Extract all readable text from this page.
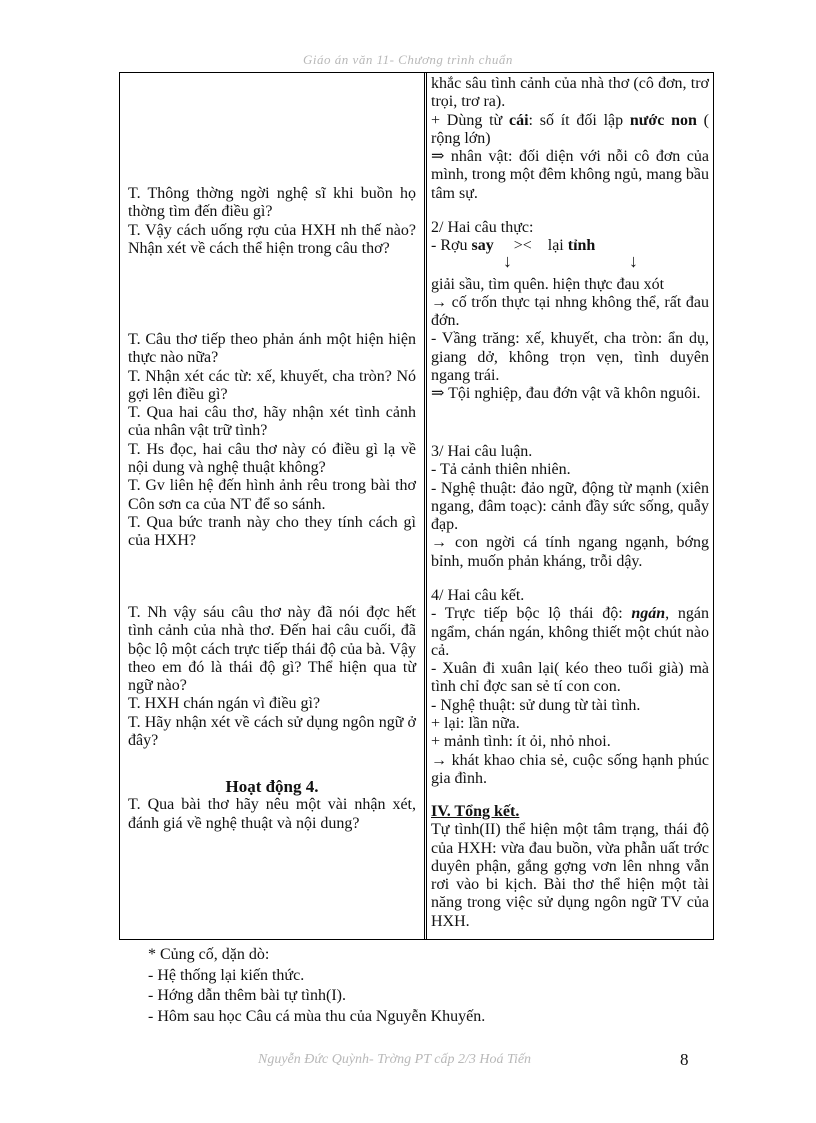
Giáo án văn 11- Chương trình chuẩn

T. Thông thờng ngời nghệ sĩ khi buồn họ thờng tìm đến điều gì?

T. Vậy cách uống rợu của HXH nh thế nào? Nhận xét về cách thể hiện trong câu thơ?

T. Câu thơ tiếp theo phản ánh một hiện hiện thực nào nữa?

T. Nhận xét các từ: xế, khuyết, cha tròn? Nó gợi lên điều gì?

T. Qua hai câu thơ, hãy nhận xét tình cảnh của nhân vật trữ tình?

T. Hs đọc, hai câu thơ này có điều gì lạ về nội dung và nghệ thuật không?

T. Gv liên hệ đến hình ảnh rêu trong bài thơ Côn sơn ca của NT để so sánh.

T. Qua bức tranh này cho they tính cách gì của HXH?

T. Nh vậy sáu câu thơ này đã nói đợc hết tình cảnh của nhà thơ. Đến hai câu cuối, đã bộc lộ một cách trực tiếp thái độ của bà. Vậy theo em đó là thái độ gì? Thể hiện qua từ ngữ nào?

T. HXH chán ngán vì điều gì?

T. Hãy nhận xét về cách sử dụng ngôn ngữ ở đây?

Hoạt động 4.

T. Qua bài thơ hãy nêu một vài nhận xét, đánh giá về nghệ thuật và nội dung?

khắc sâu tình cảnh của nhà thơ (cô đơn, trơ trọi, trơ ra).

+ Dùng từ cái: số ít đối lập nước non ( rộng lớn)

⇒ nhân vật: đối diện với nỗi cô đơn của mình, trong một đêm không ngủ, mang bầu tâm sự.

2/ Hai câu thực:

- Rợu say >< lại tỉnh

↓	↓

giải sầu, tìm quên. hiện thực đau xót

→ cố trốn thực tại nhng không thể, rất đau đớn.

- Vầng trăng: xế, khuyết, cha tròn: ẩn dụ, giang dở, không trọn vẹn, tình duyên ngang trái.

⇒ Tội nghiệp, đau đớn vật vã khôn nguôi.

3/ Hai câu luận.

- Tả cảnh thiên nhiên.

- Nghệ thuật: đảo ngữ, động từ mạnh (xiên ngang, đâm toạc): cảnh đầy sức sống, quẫy đạp.

→ con ngời cá tính ngang ngạnh, bớng bỉnh, muốn phản kháng, trỗi dậy.

4/ Hai câu kết.

- Trực tiếp bộc lộ thái độ: ngán, ngán ngẩm, chán ngán, không thiết một chút nào cả.

- Xuân đi xuân lại( kéo theo tuổi già) mà tình chỉ đợc san sẻ tí con con.

- Nghệ thuật: sử dung từ tài tình.

+ lại: lần nữa.

+ mảnh tình: ít ỏi, nhỏ nhoi.

→ khát khao chia sẻ, cuộc sống hạnh phúc gia đình.

IV. Tổng kết.

Tự tình(II) thể hiện một tâm trạng, thái độ của HXH: vừa đau buồn, vừa phẫn uất trớc duyên phận, gắng gợng vơn lên nhng vẫn rơi vào bi kịch. Bài thơ thể hiện một tài năng trong việc sử dụng ngôn ngữ TV của HXH.

* Củng cố, dặn dò:

- Hệ thống lại kiến thức.

- Hớng dẫn thêm bài tự tình(I).

- Hôm sau học Câu cá mùa thu của Nguyễn Khuyến.

Nguyễn Đức Quỳnh- Trờng PT cấp 2/3 Hoá Tiến	8
